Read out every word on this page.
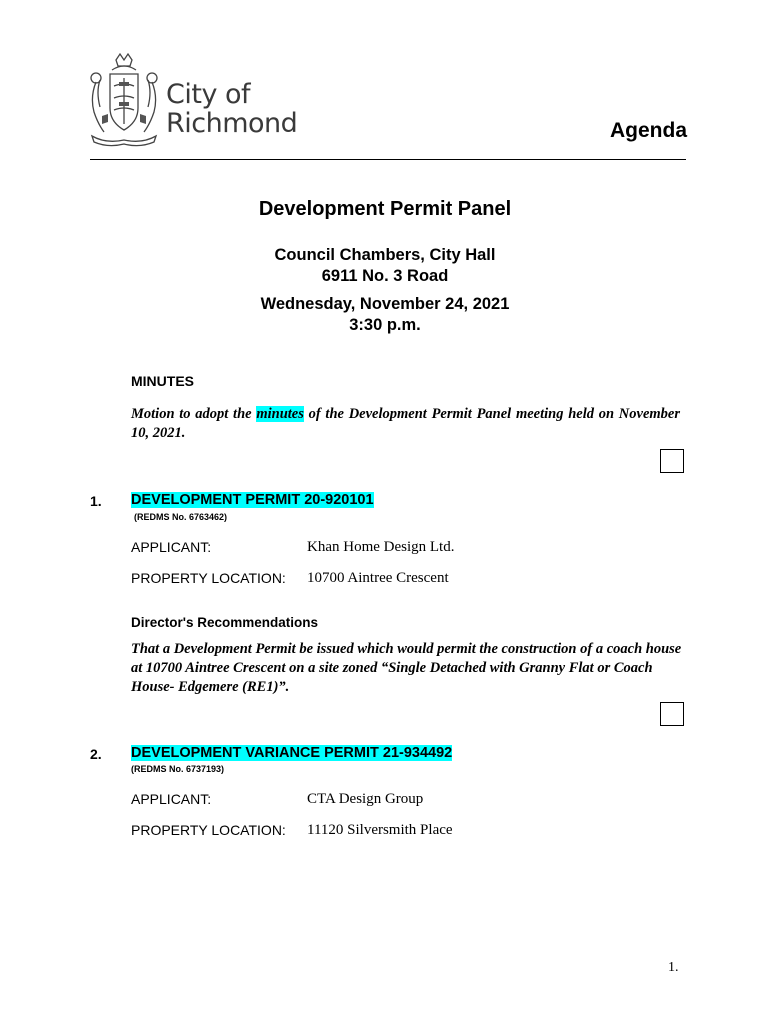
City of
Richmond	Agenda
Development Permit Panel
Council Chambers, City Hall
6911 No. 3 Road
Wednesday, November 24, 2021
3:30 p.m.
MINUTES
Motion to adopt the minutes of the Development Permit Panel meeting held on November 10, 2021.
1. DEVELOPMENT PERMIT 20-920101
(REDMS No. 6763462)
APPLICANT:	Khan Home Design Ltd.
PROPERTY LOCATION: 10700 Aintree Crescent
Director's Recommendations
That a Development Permit be issued which would permit the construction of a coach house at 10700 Aintree Crescent on a site zoned “Single Detached with Granny Flat or Coach House- Edgemere (RE1)”.
2. DEVELOPMENT VARIANCE PERMIT 21-934492
(REDMS No. 6737193)
APPLICANT:	CTA Design Group
PROPERTY LOCATION: 11120 Silversmith Place
1.
